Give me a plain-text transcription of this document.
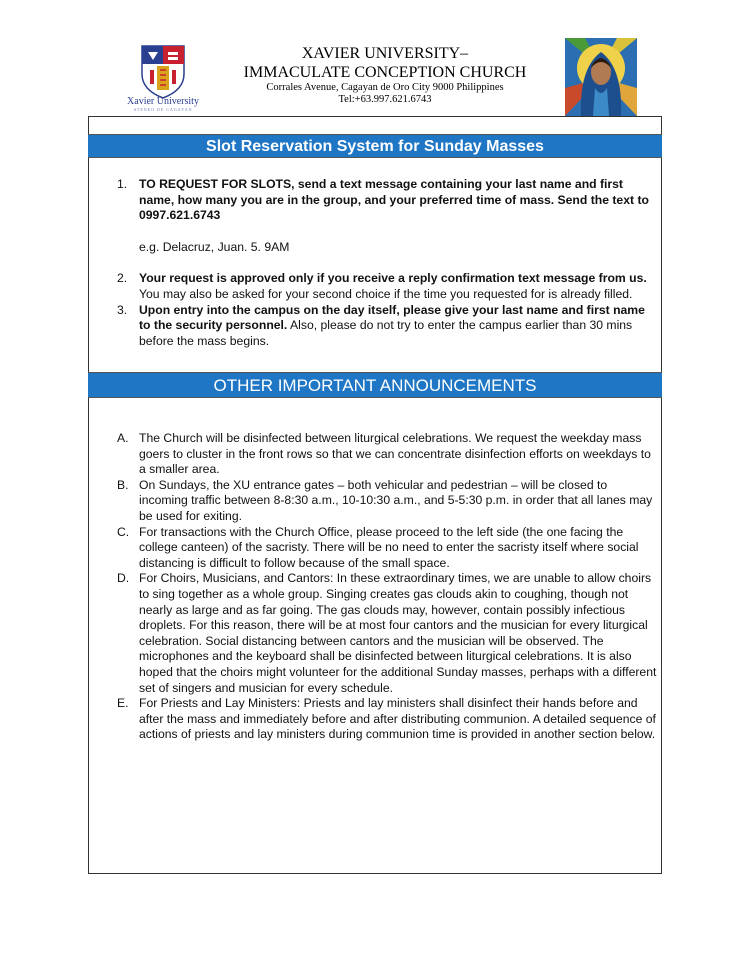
Xavier University
ATENEO DE CAGAYAN
XAVIER UNIVERSITY–
IMMACULATE CONCEPTION CHURCH
Corrales Avenue, Cagayan de Oro City 9000 Philippines
Tel:+63.997.621.6743
Slot Reservation System for Sunday Masses
1. TO REQUEST FOR SLOTS, send a text message containing your last name and first name, how many you are in the group, and your preferred time of mass. Send the text to 0997.621.6743
e.g. Delacruz, Juan. 5. 9AM
2. Your request is approved only if you receive a reply confirmation text message from us. You may also be asked for your second choice if the time you requested for is already filled.
3. Upon entry into the campus on the day itself, please give your last name and first name to the security personnel. Also, please do not try to enter the campus earlier than 30 mins before the mass begins.
OTHER IMPORTANT ANNOUNCEMENTS
A. The Church will be disinfected between liturgical celebrations. We request the weekday mass goers to cluster in the front rows so that we can concentrate disinfection efforts on weekdays to a smaller area.
B. On Sundays, the XU entrance gates – both vehicular and pedestrian – will be closed to incoming traffic between 8-8:30 a.m., 10-10:30 a.m., and 5-5:30 p.m. in order that all lanes may be used for exiting.
C. For transactions with the Church Office, please proceed to the left side (the one facing the college canteen) of the sacristy. There will be no need to enter the sacristy itself where social distancing is difficult to follow because of the small space.
D. For Choirs, Musicians, and Cantors: In these extraordinary times, we are unable to allow choirs to sing together as a whole group. Singing creates gas clouds akin to coughing, though not nearly as large and as far going. The gas clouds may, however, contain possibly infectious droplets. For this reason, there will be at most four cantors and the musician for every liturgical celebration. Social distancing between cantors and the musician will be observed. The microphones and the keyboard shall be disinfected between liturgical celebrations. It is also hoped that the choirs might volunteer for the additional Sunday masses, perhaps with a different set of singers and musician for every schedule.
E. For Priests and Lay Ministers: Priests and lay ministers shall disinfect their hands before and after the mass and immediately before and after distributing communion. A detailed sequence of actions of priests and lay ministers during communion time is provided in another section below.
